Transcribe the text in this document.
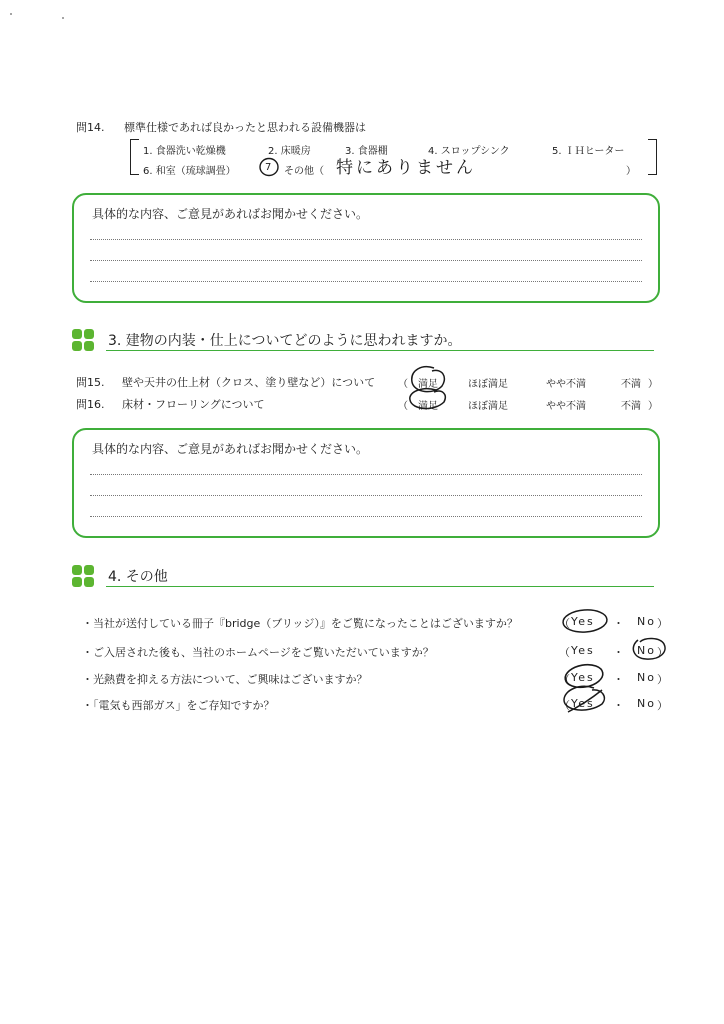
問14. 標準仕様であれば良かったと思われる設備機器は
1. 食器洗い乾燥機	2. 床暖房	3. 食器棚	4. スロップシンク	5. ＩＨヒーター
6. 和室（琉球調畳）	7 その他（ 特にありません	）
具体的な内容、ご意見があればお聞かせください。
3. 建物の内装・仕上についてどのように思われますか。
問15. 壁や天井の仕上材（クロス、塗り壁など）について （ 満足	ほぼ満足	やや不満	不満 ）
問16. 床材・フローリングについて	（ 満足	ほぼ満足	やや不満	不満 ）
具体的な内容、ご意見があればお聞かせください。
4. その他
・当社が送付している冊子『bridge（ブリッジ）』をご覧になったことはございますか？	（ Yes ・ No ）
・ご入居された後も、当社のホームページをご覧いただいていますか？	（ Yes ・ No ）
・光熱費を抑える方法について、ご興味はございますか？	（ Yes ・ No ）
・「電気も西部ガス」をご存知ですか？	（ Yes ・ No ）
